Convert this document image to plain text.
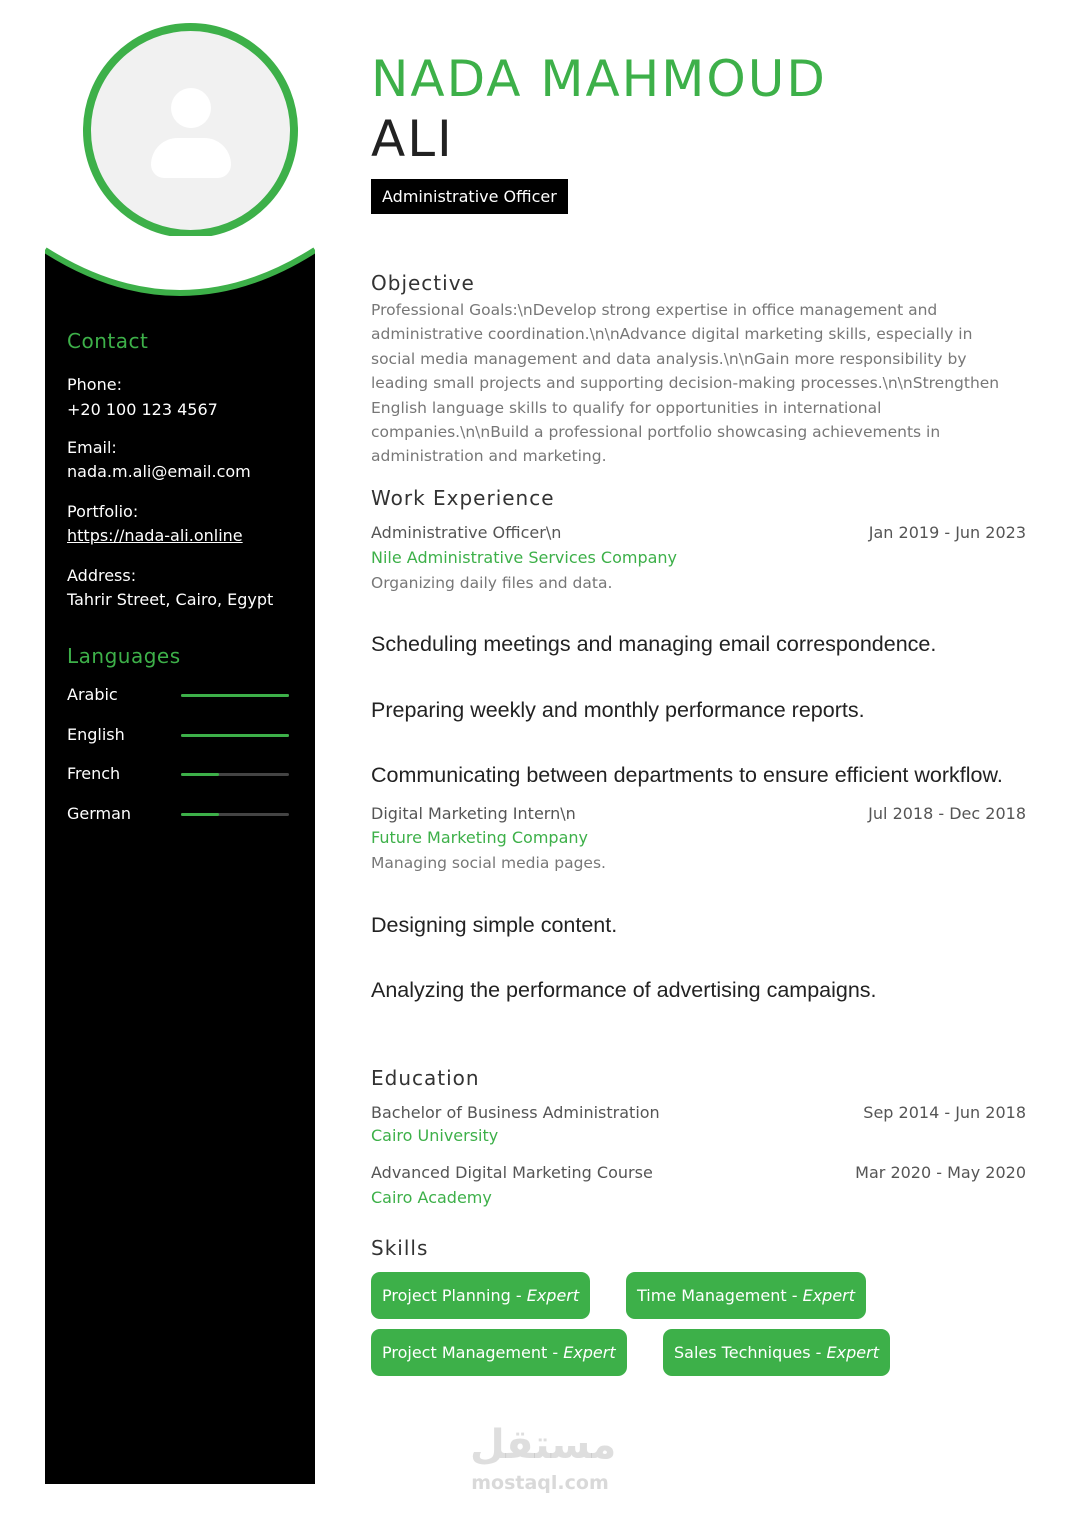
Contact
Phone:
+20 100 123 4567
Email:
nada.m.ali@email.com
Portfolio:
https://nada-ali.online
Address:
Tahrir Street, Cairo, Egypt
Languages
Arabic
English
French
German
NADA MAHMOUD
ALI
Administrative Officer
Objective
Professional Goals:\nDevelop strong expertise in office management and administrative coordination.\n\nAdvance digital marketing skills, especially in social media management and data analysis.\n\nGain more responsibility by leading small projects and supporting decision-making processes.\n\nStrengthen English language skills to qualify for opportunities in international companies.\n\nBuild a professional portfolio showcasing achievements in administration and marketing.
Work Experience
Administrative Officer\n	Jan 2019 - Jun 2023
Nile Administrative Services Company
Organizing daily files and data.
Scheduling meetings and managing email correspondence.
Preparing weekly and monthly performance reports.
Communicating between departments to ensure efficient workflow.
Digital Marketing Intern\n	Jul 2018 - Dec 2018
Future Marketing Company
Managing social media pages.
Designing simple content.
Analyzing the performance of advertising campaigns.
Education
Bachelor of Business Administration	Sep 2014 - Jun 2018
Cairo University
Advanced Digital Marketing Course	Mar 2020 - May 2020
Cairo Academy
Skills
Project Planning - Expert	Time Management - Expert
Project Management - Expert	Sales Techniques - Expert
مستقل
mostaql.com
